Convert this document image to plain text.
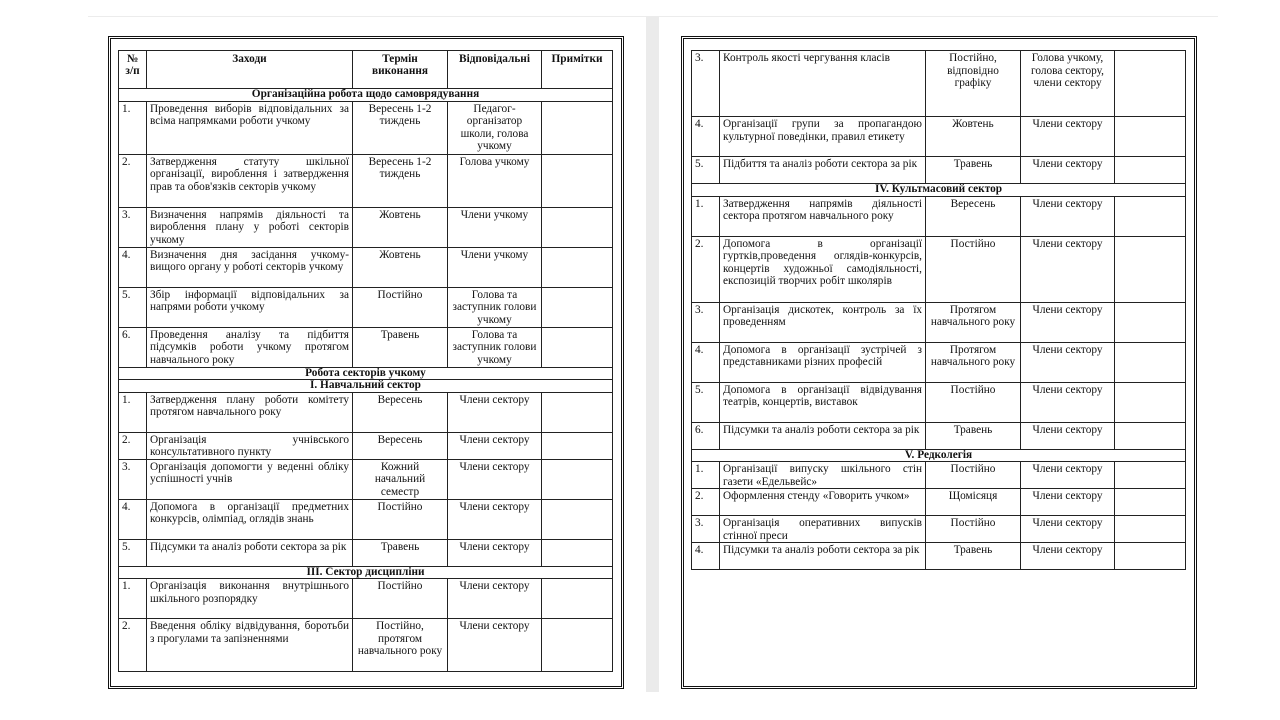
№ з/п	Заходи	Термін виконання	Відповідальні	Примітки
Організаційна робота щодо самоврядування				
1.	Проведення виборів відповідальних за всіма напрямками роботи учкому	Вересень 1-2 тиждень	Педагог-організатор школи, голова учкому	
2.	Затвердження статуту шкільної організації, вироблення і затвердження прав та обов'язків секторів учкому	Вересень 1-2 тиждень	Голова учкому	
3.	Визначення напрямів діяльності та вироблення плану у роботі секторів учкому	Жовтень	Члени учкому	
4.	Визначення дня засідання учкому-вищого органу у роботі секторів учкому	Жовтень	Члени учкому	
5.	Збір інформації відповідальних за напрями роботи учкому	Постійно	Голова та заступник голови учкому	
6.	Проведення аналізу та підбиття підсумків роботи учкому протягом навчального року	Травень	Голова та заступник голови учкому	
Робота секторів учкому				
І. Навчальний сектор				
1.	Затвердження плану роботи комітету протягом навчального року	Вересень	Члени сектору	
2.	Організація учнівського консультативного пункту	Вересень	Члени сектору	
3.	Організація допомогти у веденні обліку успішності учнів	Кожний начальний семестр	Члени сектору	
4.	Допомога в організації предметних конкурсів, олімпіад, оглядів знань	Постійно	Члени сектору	
5.	Підсумки та аналіз роботи сектора за рік	Травень	Члени сектору	
ІІІ. Сектор дисципліни				
1.	Організація виконання внутрішнього шкільного розпорядку	Постійно	Члени сектору	
2.	Введення обліку відвідування, боротьби з прогулами та запізненнями	Постійно, протягом навчального року	Члени сектору	
3.	Контроль якості чергування класів	Постійно, відповідно графіку	Голова учкому, голова сектору, члени сектору	
4.	Організації групи за пропагандою культурної поведінки, правил етикету	Жовтень	Члени сектору	
5.	Підбиття та аналіз роботи сектора за рік	Травень	Члени сектору	
IV. Культмасовий сектор				
1.	Затвердження напрямів діяльності сектора протягом навчального року	Вересень	Члени сектору	
2.	Допомога в організації гуртків,проведення оглядів-конкурсів, концертів художньої самодіяльності, експозицій творчих робіт школярів	Постійно	Члени сектору	
3.	Організація дискотек, контроль за їх проведенням	Протягом навчального року	Члени сектору	
4.	Допомога в організації зустрічей з представниками різних професій	Протягом навчального року	Члени сектору	
5.	Допомога в організації відвідування театрів, концертів, виставок	Постійно	Члени сектору	
6.	Підсумки та аналіз роботи сектора за рік	Травень	Члени сектору	
V. Редколегія				
1.	Організації випуску шкільного стін газети «Едельвейс»	Постійно	Члени сектору	
2.	Оформлення стенду «Говорить учком»	Щомісяця	Члени сектору	
3.	Організація оперативних випусків стінної преси	Постійно	Члени сектору	
4.	Підсумки та аналіз роботи сектора за рік	Травень	Члени сектору	
